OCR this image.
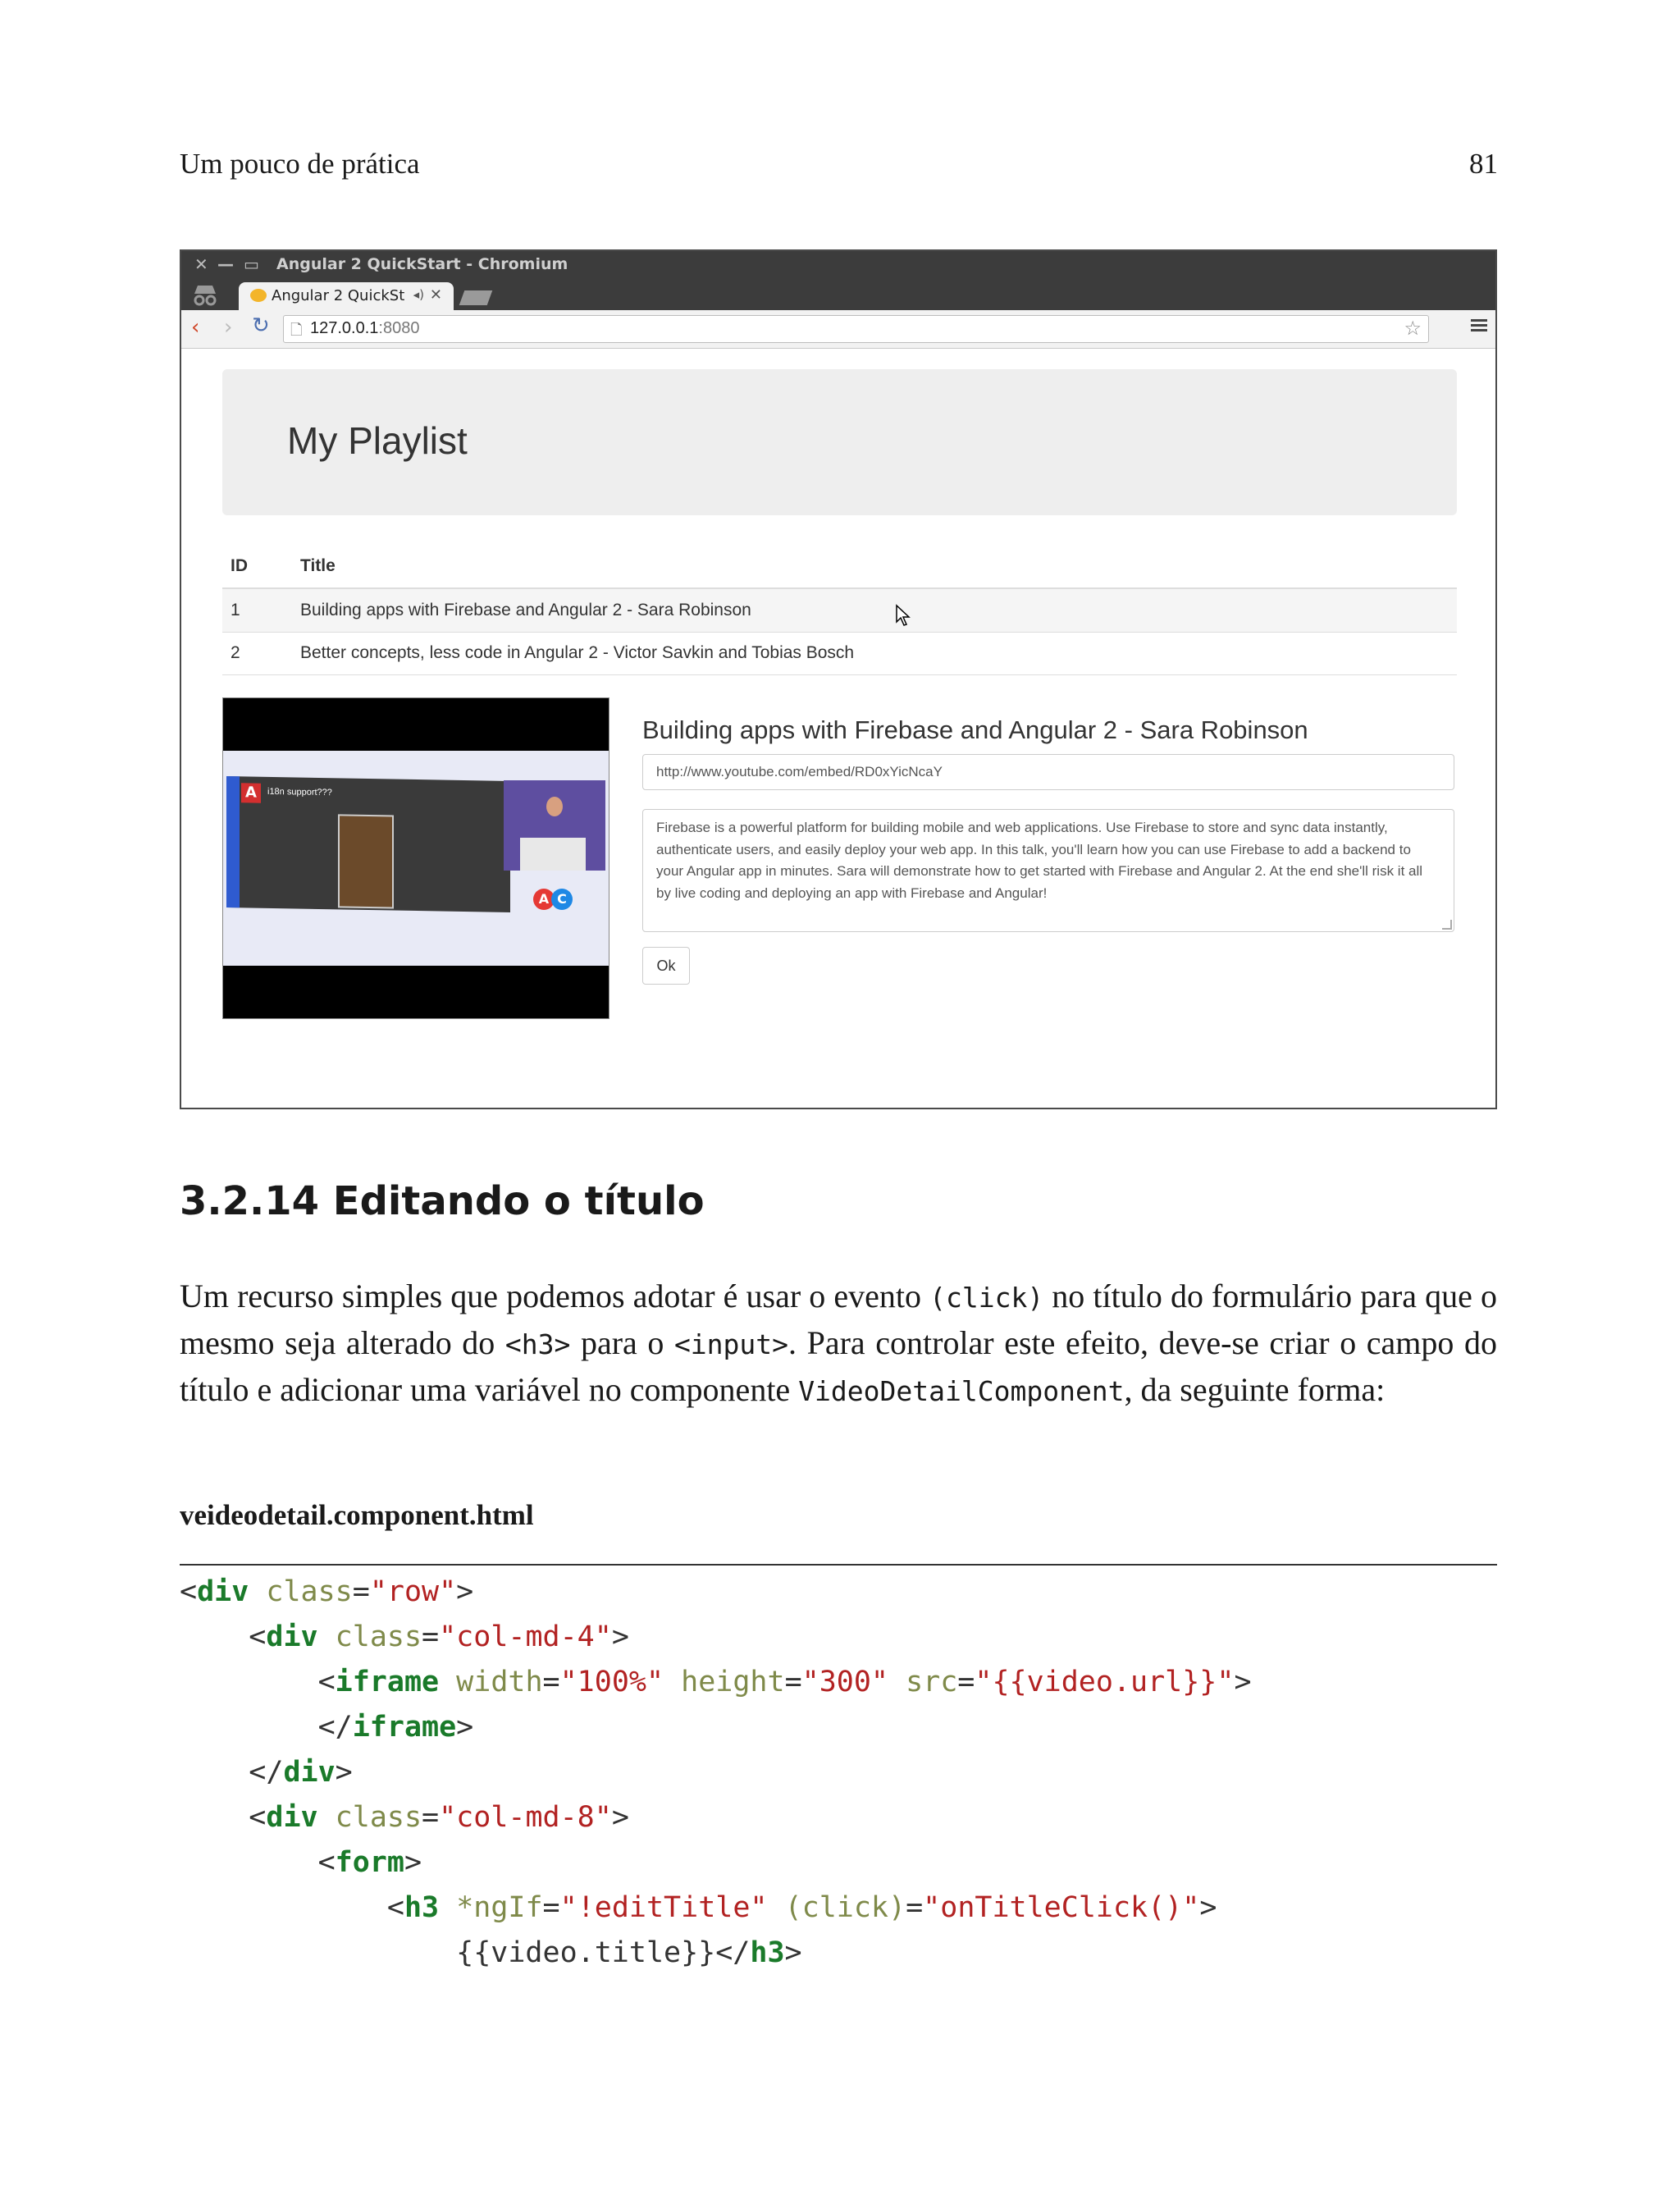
Um pouco de prática	81
✕ — ▭ Angular 2 QuickStart - Chromium
Angular 2 QuickSt ◂) ✕
‹ › ↻ 🗋 127.0.0.1:8080	☆
My Playlist
ID	Title
1	Building apps with Firebase and Angular 2 - Sara Robinson
2	Better concepts, less code in Angular 2 - Victor Savkin and Tobias Bosch
A	i18n support???
A C
Building apps with Firebase and Angular 2 - Sara Robinson
http://www.youtube.com/embed/RD0xYicNcaY
Firebase is a powerful platform for building mobile and web applications. Use Firebase to store and sync data instantly, authenticate users, and easily deploy your web app. In this talk, you'll learn how you can use Firebase to add a backend to your Angular app in minutes. Sara will demonstrate how to get started with Firebase and Angular 2. At the end she'll risk it all by live coding and deploying an app with Firebase and Angular!
Ok
3.2.14 Editando o título
Um recurso simples que podemos adotar é usar o evento (click) no título do formulário para que o mesmo seja alterado do <h3> para o <input>. Para controlar este efeito, deve-se criar o campo do título e adicionar uma variável no componente VideoDetailComponent, da seguinte forma:
veideodetail.component.html
<div class="row">
<div class="col-md-4">
<iframe width="100%" height="300" src="{{video.url}}">
</iframe>
</div>
<div class="col-md-8">
<form>
<h3 *ngIf="!editTitle" (click)="onTitleClick()">
{{video.title}}</h3>
